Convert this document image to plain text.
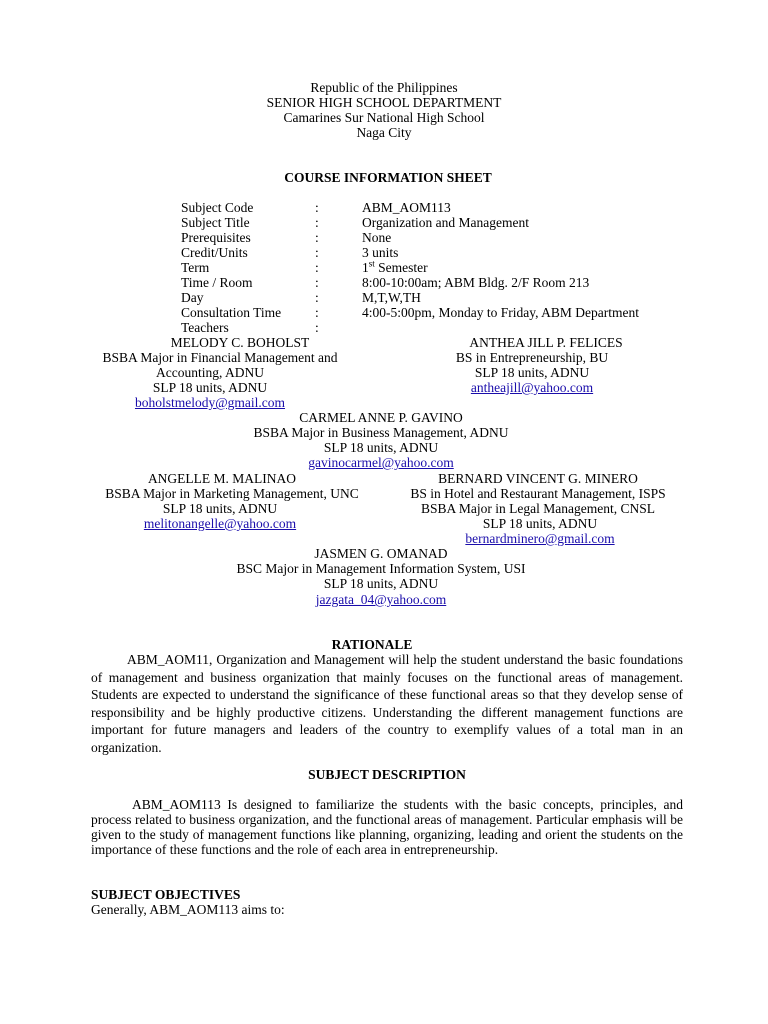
Republic of the Philippines
SENIOR HIGH SCHOOL DEPARTMENT
Camarines Sur National High School
Naga City
COURSE INFORMATION SHEET
Subject Code	:	ABM_AOM113
Subject Title	:	Organization and Management
Prerequisites	:	None
Credit/Units	:	3 units
Term	:	1st Semester
Time / Room	:	8:00-10:00am; ABM Bldg. 2/F Room 213
Day	:	M,T,W,TH
Consultation Time	:	4:00-5:00pm, Monday to Friday, ABM Department
Teachers	:
MELODY C. BOHOLST
BSBA Major in Financial Management and
Accounting, ADNU
SLP 18 units, ADNU
boholstmelody@gmail.com
ANTHEA JILL P. FELICES
BS in Entrepreneurship, BU
SLP 18 units, ADNU
antheajill@yahoo.com
CARMEL ANNE P. GAVINO
BSBA Major in Business Management, ADNU
SLP 18 units, ADNU
gavinocarmel@yahoo.com
ANGELLE M. MALINAO
BSBA Major in Marketing Management, UNC
SLP 18 units, ADNU
melitonangelle@yahoo.com
BERNARD VINCENT G. MINERO
BS in Hotel and Restaurant Management, ISPS
BSBA Major in Legal Management, CNSL
SLP 18 units, ADNU
bernardminero@gmail.com
JASMEN G. OMANAD
BSC Major in Management Information System, USI
SLP 18 units, ADNU
jazgata_04@yahoo.com
RATIONALE
ABM_AOM11, Organization and Management will help the student understand the basic foundations of management and business organization that mainly focuses on the functional areas of management. Students are expected to understand the significance of these functional areas so that they develop sense of responsibility and be highly productive citizens. Understanding the different management functions are important for future managers and leaders of the country to exemplify values of a total man in an organization.
SUBJECT DESCRIPTION
ABM_AOM113 Is designed to familiarize the students with the basic concepts, principles, and process related to business organization, and the functional areas of management. Particular emphasis will be given to the study of management functions like planning, organizing, leading and orient the students on the importance of these functions and the role of each area in entrepreneurship.
SUBJECT OBJECTIVES
Generally, ABM_AOM113 aims to:
